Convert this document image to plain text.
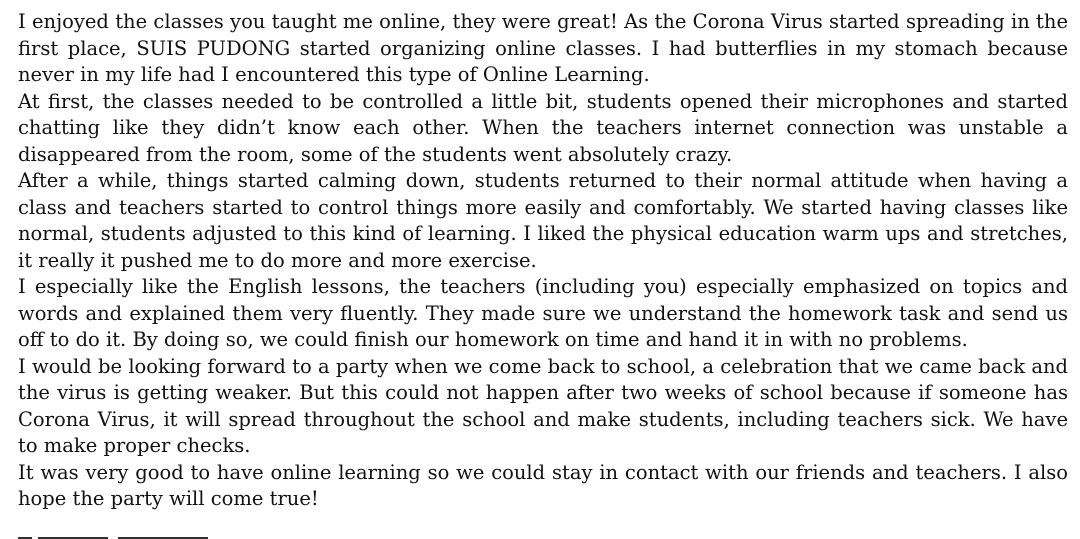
I enjoyed the classes you taught me online, they were great! As the Corona Virus started spreading in the first place, SUIS PUDONG started organizing online classes. I had butterflies in my stomach because never in my life had I encountered this type of Online Learning.

At first, the classes needed to be controlled a little bit, students opened their microphones and started chatting like they didn’t know each other. When the teachers internet connection was unstable a disappeared from the room, some of the students went absolutely crazy.

After a while, things started calming down, students returned to their normal attitude when having a class and teachers started to control things more easily and comfortably. We started having classes like normal, students adjusted to this kind of learning. I liked the physical education warm ups and stretches, it really it pushed me to do more and more exercise.

I especially like the English lessons, the teachers (including you) especially emphasized on topics and words and explained them very fluently. They made sure we understand the homework task and send us off to do it. By doing so, we could finish our homework on time and hand it in with no problems.

I would be looking forward to a party when we come back to school, a celebration that we came back and the virus is getting weaker. But this could not happen after two weeks of school because if someone has Corona Virus, it will spread throughout the school and make students, including teachers sick. We have to make proper checks.

It was very good to have online learning so we could stay in contact with our friends and teachers. I also hope the party will come true!
